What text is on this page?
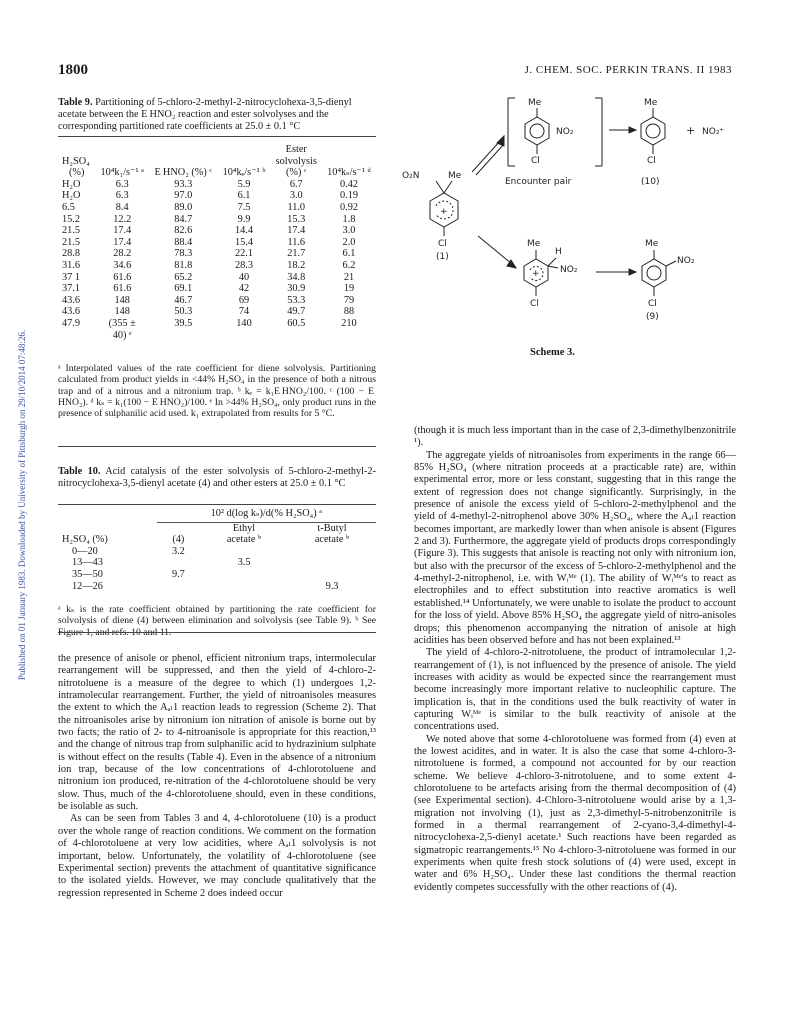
1800	J. CHEM. SOC. PERKIN TRANS. II 1983
Published on 01 January 1983. Downloaded by University of Pittsburgh on 29/10/2014 07:48:26.
Table 9. Partitioning of 5-chloro-2-methyl-2-nitrocyclohexa-3,5-dienyl acetate between the E HNO₂ reaction and ester solvolyses and the corresponding partitioned rate coefficients at 25.0 ± 0.1 °C
				Ester	
H₂SO₄				solvolysis	
(%)	10⁴k₁/s⁻¹ ᵃ	E HNO₂ (%) ᶜ	10⁴kₑ/s⁻¹ ᵇ	(%) ᶜ	10⁴kₛ/s⁻¹ ᵈ
H₂O	6.3	93.3	5.9	6.7	0.42
H₂O	6.3	97.0	6.1	3.0	0.19
6.5	8.4	89.0	7.5	11.0	0.92
15.2	12.2	84.7	9.9	15.3	1.8
21.5	17.4	82.6	14.4	17.4	3.0
21.5	17.4	88.4	15.4	11.6	2.0
28.8	28.2	78.3	22.1	21.7	6.1
31.6	34.6	81.8	28.3	18.2	6.2
37 1	61.6	65.2	40	34.8	21
37.1	61.6	69.1	42	30.9	19
43.6	148	46.7	69	53.3	79
43.6	148	50.3	74	49.7	88
47.9	(355 ±	39.5	140	60.5	210
	40) ᵉ				
ᵃ Interpolated values of the rate coefficient for diene solvolysis. Partitioning calculated from product yields in <44% H₂SO₄ in the presence of both a nitrous trap and of a nitrous and a nitronium trap. ᵇ kₑ = k₁E HNO₂/100. ᶜ (100 − E HNO₂). ᵈ kₛ = k₁(100 − E HNO₂)/100. ᵉ In >44% H₂SO₄, only product runs in the presence of sulphanilic acid used. k₁ extrapolated from results for 5 °C.
Table 10. Acid catalysis of the ester solvolysis of 5-chloro-2-methyl-2-nitrocyclohexa-3,5-dienyl acetate (4) and other esters at 25.0 ± 0.1 °C
	10² d(log kₛ)/d(% H₂SO₄) ᵃ		
		Ethyl	t-Butyl
H₂SO₄ (%)	(4)	acetate ᵇ	acetate ᵇ
0—20	3.2		
13—43		3.5	
35—50	9.7		
12—26			9.3
ᵃ kₛ is the rate coefficient obtained by partitioning the rate coefficient for solvolysis of diene (4) between elimination and solvolysis (see Table 9). ᵇ See Figure 1, and refs. 10 and 11.

the presence of anisole or phenol, efficient nitronium traps, intermolecular rearrangement will be suppressed, and then the yield of 4-chloro-2-nitrotoluene is a measure of the degree to which (1) undergoes 1,2-intramolecular rearrangement. Further, the yield of nitroanisoles measures the extent to which the Aₐₗ1 reaction leads to regression (Scheme 2). That the nitroanisoles arise by nitronium ion nitration of anisole is borne out by two facts; the ratio of 2- to 4-nitroanisole is appropriate for this reaction,¹³ and the change of nitrous trap from sulphanilic acid to hydrazinium sulphate is without effect on the results (Table 4). Even in the absence of a nitronium ion trap, because of the low concentrations of 4-chlorotoluene and nitronium ion produced, re-nitration of the 4-chlorotoluene should be very slow. Thus, much of the 4-chlorotoluene should, even in these conditions, be isolable as such.

As can be seen from Tables 3 and 4, 4-chlorotoluene (10) is a product over the whole range of reaction conditions. We comment on the formation of 4-chlorotoluene at very low acidities, where Aₐₗ1 solvolysis is not important, below. Unfortunately, the volatility of 4-chlorotoluene (see Experimental section) prevents the attachment of quantitative significance to the isolated yields. However, we may conclude qualitatively that the regression represented in Scheme 2 does indeed occur

O₂N	Me
+
Cl
(1)
Me
NO₂
Cl
Encounter pair
Me
Cl
(10)
+ NO₂⁺
Me
H
NO₂
+
Cl
Me
NO₂
Cl
(9)
Scheme 3.

(though it is much less important than in the case of 2,3-dimethylbenzonitrile ¹).

The aggregate yields of nitroanisoles from experiments in the range 66—85% H₂SO₄ (where nitration proceeds at a practicable rate) are, within experimental error, more or less constant, suggesting that in this range the extent of regression does not change significantly. Surprisingly, in the presence of anisole the excess yield of 5-chloro-2-methylphenol and the yield of 4-methyl-2-nitrophenol above 30% H₂SO₄, where the Aₐₗ1 reaction becomes important, are markedly lower than when anisole is absent (Figures 2 and 3). Furthermore, the aggregate yield of products drops correspondingly (Figure 3). This suggests that anisole is reacting not only with nitronium ion, but also with the precursor of the excess of 5-chloro-2-methylphenol and the 4-methyl-2-nitrophenol, i.e. with Wᵢᴹᵉ (1). The ability of Wᵢᴹᵉ's to react as electrophiles and to effect substitution into reactive aromatics is well established.¹⁴ Unfortunately, we were unable to isolate the product to account for the loss of yield. Above 85% H₂SO₄ the aggregate yield of nitro-anisoles drops; this phenomenon accompanying the nitration of anisole at high acidities has been observed before and has not been explained.¹³

The yield of 4-chloro-2-nitrotoluene, the product of intramolecular 1,2-rearrangement of (1), is not influenced by the presence of anisole. The yield increases with acidity as would be expected since the rearrangement must become increasingly more important relative to nucleophilic capture. The implication is, that in the conditions used the bulk reactivity of water in capturing Wᵢᴹᵉ is similar to the bulk reactivity of anisole at the concentrations used.

We noted above that some 4-chlorotoluene was formed from (4) even at the lowest acidites, and in water. It is also the case that some 4-chloro-3-nitrotoluene is formed, a compound not accounted for by our reaction scheme. We believe 4-chloro-3-nitrotoluene, and to some extent 4-chlorotoluene to be artefacts arising from the thermal decomposition of (4) (see Experimental section). 4-Chloro-3-nitrotoluene would arise by a 1,3-migration not involving (1), just as 2,3-dimethyl-5-nitrobenzonitrile is formed in a thermal rearrangement of 2-cyano-3,4-dimethyl-4-nitrocyclohexa-2,5-dienyl acetate.¹ Such reactions have been regarded as sigmatropic rearrangements.¹⁵ No 4-chloro-3-nitrotoluene was formed in our experiments when quite fresh stock solutions of (4) were used, except in water and 6% H₂SO₄. Under these last conditions the thermal reaction evidently competes successfully with the other reactions of (4).
